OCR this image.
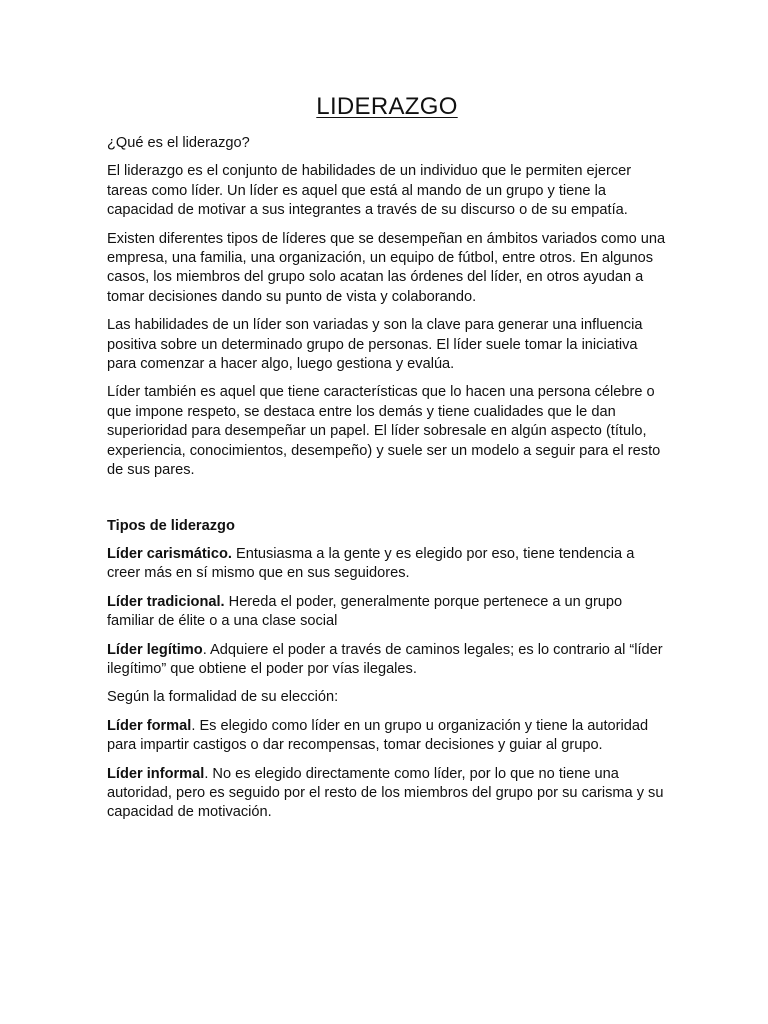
LIDERAZGO

¿Qué es el liderazgo?

El liderazgo es el conjunto de habilidades de un individuo que le permiten ejercer tareas como líder. Un líder es aquel que está al mando de un grupo y tiene la capacidad de motivar a sus integrantes a través de su discurso o de su empatía.

Existen diferentes tipos de líderes que se desempeñan en ámbitos variados como una empresa, una familia, una organización, un equipo de fútbol, entre otros. En algunos casos, los miembros del grupo solo acatan las órdenes del líder, en otros ayudan a tomar decisiones dando su punto de vista y colaborando.

Las habilidades de un líder son variadas y son la clave para generar una influencia positiva sobre un determinado grupo de personas. El líder suele tomar la iniciativa para comenzar a hacer algo, luego gestiona y evalúa.

Líder también es aquel que tiene características que lo hacen una persona célebre o que impone respeto, se destaca entre los demás y tiene cualidades que le dan superioridad para desempeñar un papel. El líder sobresale en algún aspecto (título, experiencia, conocimientos, desempeño) y suele ser un modelo a seguir para el resto de sus pares.

Tipos de liderazgo

Líder carismático. Entusiasma a la gente y es elegido por eso, tiene tendencia a creer más en sí mismo que en sus seguidores.

Líder tradicional. Hereda el poder, generalmente porque pertenece a un grupo familiar de élite o a una clase social

Líder legítimo. Adquiere el poder a través de caminos legales; es lo contrario al “líder ilegítimo” que obtiene el poder por vías ilegales.

Según la formalidad de su elección:

Líder formal. Es elegido como líder en un grupo u organización y tiene la autoridad para impartir castigos o dar recompensas, tomar decisiones y guiar al grupo.

Líder informal. No es elegido directamente como líder, por lo que no tiene una autoridad, pero es seguido por el resto de los miembros del grupo por su carisma y su capacidad de motivación.
